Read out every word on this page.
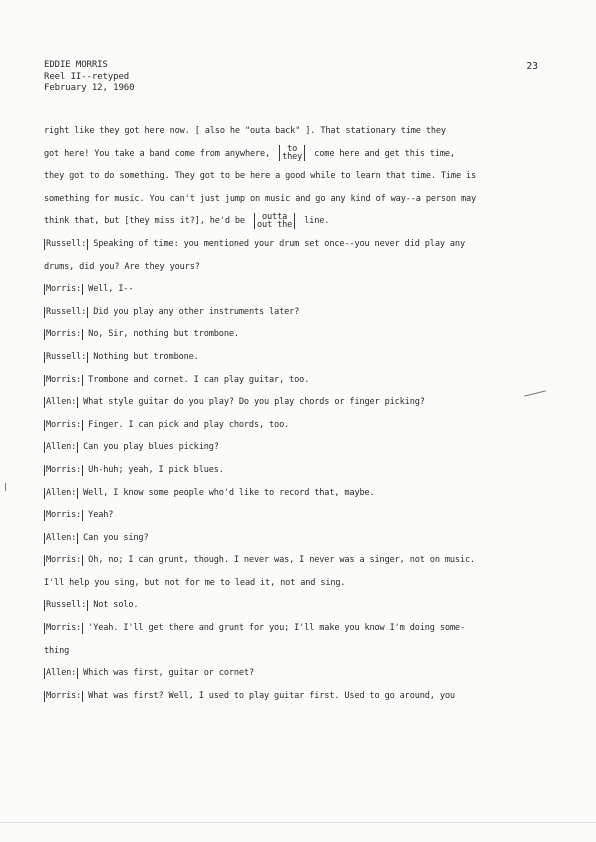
EDDIE MORRIS
Reel II--retyped
February 12, 1960
23
right like they got here now. [ also he "outa back" ]. That stationary time they
got here! You take a band come from anywhere,	to
they come here and get this time,
they got to do something. They got to be here a good while to learn that time. Time is
something for music. You can't just jump on music and go any kind of way--a person may
think that, but [they miss it?], he'd be	outta
out the line.
Russell: Speaking of time: you mentioned your drum set once--you never did play any
drums, did you? Are they yours?
Morris: Well, I--
Russell: Did you play any other instruments later?
Morris: No, Sir, nothing but trombone.
Russell: Nothing but trombone.
Morris: Trombone and cornet. I can play guitar, too.
Allen: What style guitar do you play? Do you play chords or finger picking?
Morris: Finger. I can pick and play chords, too.
Allen: Can you play blues picking?
Morris: Uh-huh; yeah, I pick blues.
Allen: Well, I know some people who'd like to record that, maybe.
Morris: Yeah?
Allen: Can you sing?
Morris: Oh, no; I can grunt, though. I never was, I never was a singer, not on music.
I'll help you sing, but not for me to lead it, not and sing.
Russell: Not solo.
Morris: 'Yeah. I'll get there and grunt for you; I'll make you know I'm doing some-
thing
Allen: Which was first, guitar or cornet?
Morris: What was first? Well, I used to play guitar first. Used to go around, you
